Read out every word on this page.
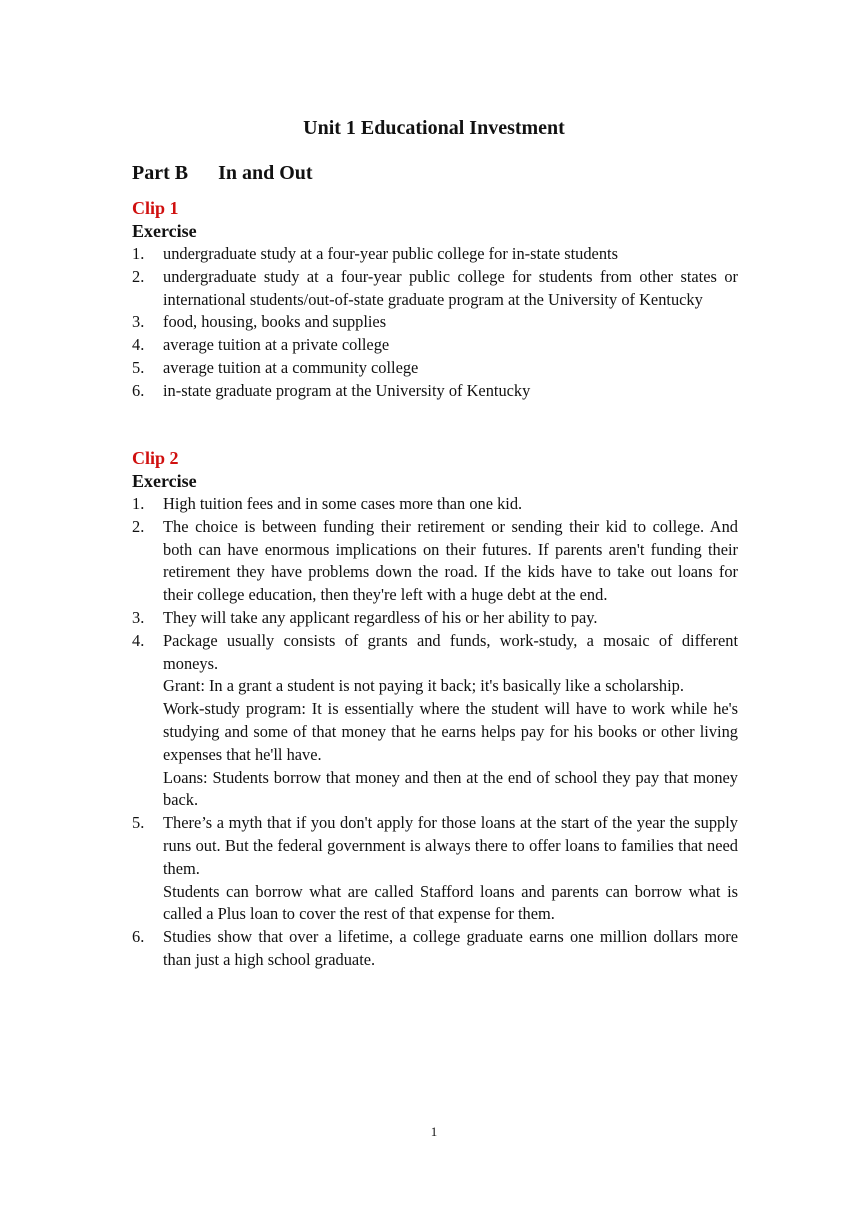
Unit 1 Educational Investment
Part B In and Out
Clip 1
Exercise
1. undergraduate study at a four-year public college for in-state students
2. undergraduate study at a four-year public college for students from other states or international students/out-of-state graduate program at the University of Kentucky
3. food, housing, books and supplies
4. average tuition at a private college
5. average tuition at a community college
6. in-state graduate program at the University of Kentucky
Clip 2
Exercise
1. High tuition fees and in some cases more than one kid.
2. The choice is between funding their retirement or sending their kid to college. And both can have enormous implications on their futures. If parents aren't funding their retirement they have problems down the road. If the kids have to take out loans for their college education, then they're left with a huge debt at the end.
3. They will take any applicant regardless of his or her ability to pay.
4. Package usually consists of grants and funds, work-study, a mosaic of different moneys.
Grant: In a grant a student is not paying it back; it's basically like a scholarship.
Work-study program: It is essentially where the student will have to work while he's studying and some of that money that he earns helps pay for his books or other living expenses that he'll have.
Loans: Students borrow that money and then at the end of school they pay that money back.
5. There’s a myth that if you don't apply for those loans at the start of the year the supply runs out. But the federal government is always there to offer loans to families that need them.
Students can borrow what are called Stafford loans and parents can borrow what is called a Plus loan to cover the rest of that expense for them.
6. Studies show that over a lifetime, a college graduate earns one million dollars more than just a high school graduate.
1
